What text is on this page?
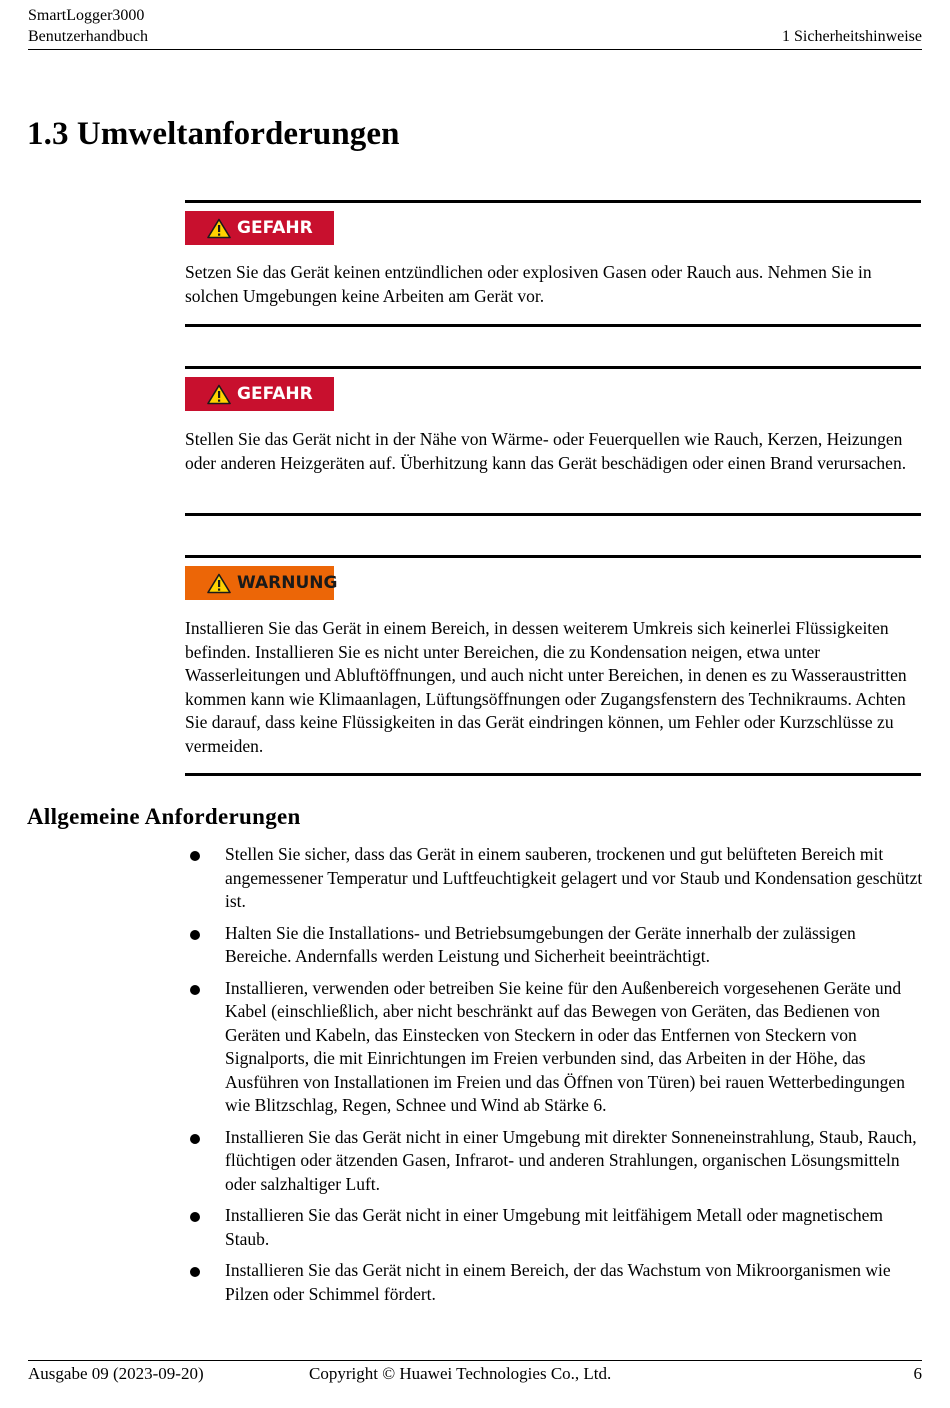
SmartLogger3000
Benutzerhandbuch	1 Sicherheitshinweise
1.3 Umweltanforderungen
GEFAHR
Setzen Sie das Gerät keinen entzündlichen oder explosiven Gasen oder Rauch aus. Nehmen Sie in solchen Umgebungen keine Arbeiten am Gerät vor.
GEFAHR
Stellen Sie das Gerät nicht in der Nähe von Wärme- oder Feuerquellen wie Rauch, Kerzen, Heizungen oder anderen Heizgeräten auf. Überhitzung kann das Gerät beschädigen oder einen Brand verursachen.
WARNUNG
Installieren Sie das Gerät in einem Bereich, in dessen weiterem Umkreis sich keinerlei Flüssigkeiten befinden. Installieren Sie es nicht unter Bereichen, die zu Kondensation neigen, etwa unter Wasserleitungen und Abluftöffnungen, und auch nicht unter Bereichen, in denen es zu Wasseraustritten kommen kann wie Klimaanlagen, Lüftungsöffnungen oder Zugangsfenstern des Technikraums. Achten Sie darauf, dass keine Flüssigkeiten in das Gerät eindringen können, um Fehler oder Kurzschlüsse zu vermeiden.
Allgemeine Anforderungen
Stellen Sie sicher, dass das Gerät in einem sauberen, trockenen und gut belüfteten Bereich mit angemessener Temperatur und Luftfeuchtigkeit gelagert und vor Staub und Kondensation geschützt ist.
Halten Sie die Installations- und Betriebsumgebungen der Geräte innerhalb der zulässigen Bereiche. Andernfalls werden Leistung und Sicherheit beeinträchtigt.
Installieren, verwenden oder betreiben Sie keine für den Außenbereich vorgesehenen Geräte und Kabel (einschließlich, aber nicht beschränkt auf das Bewegen von Geräten, das Bedienen von Geräten und Kabeln, das Einstecken von Steckern in oder das Entfernen von Steckern von Signalports, die mit Einrichtungen im Freien verbunden sind, das Arbeiten in der Höhe, das Ausführen von Installationen im Freien und das Öffnen von Türen) bei rauen Wetterbedingungen wie Blitzschlag, Regen, Schnee und Wind ab Stärke 6.
Installieren Sie das Gerät nicht in einer Umgebung mit direkter Sonneneinstrahlung, Staub, Rauch, flüchtigen oder ätzenden Gasen, Infrarot- und anderen Strahlungen, organischen Lösungsmitteln oder salzhaltiger Luft.
Installieren Sie das Gerät nicht in einer Umgebung mit leitfähigem Metall oder magnetischem Staub.
Installieren Sie das Gerät nicht in einem Bereich, der das Wachstum von Mikroorganismen wie Pilzen oder Schimmel fördert.
Ausgabe 09 (2023-09-20)	Copyright © Huawei Technologies Co., Ltd.	6
